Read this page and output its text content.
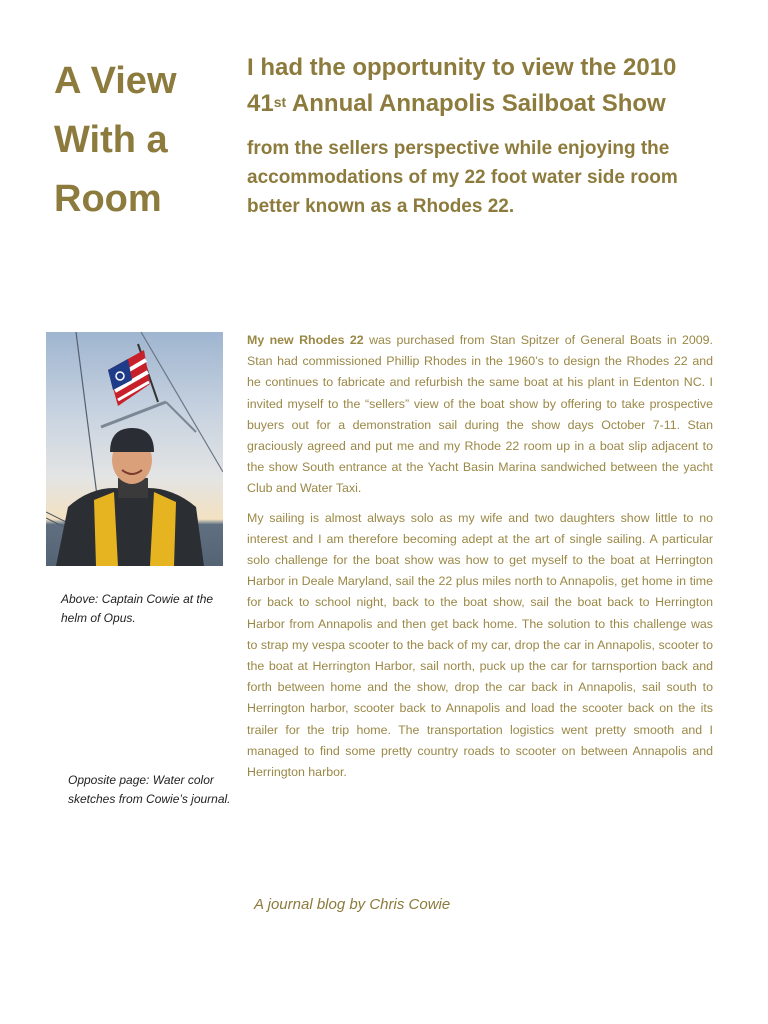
A View
With a
Room
I had the opportunity to view the 2010
41st Annual Annapolis Sailboat Show

from the sellers perspective while enjoying the accommodations of my 22 foot water side room better known as a Rhodes 22.

Above: Captain Cowie at the helm of Opus.

Opposite page: Water color sketches from Cowie’s journal.

My new Rhodes 22 was purchased from Stan Spitzer of General Boats in 2009. Stan had commissioned Phillip Rhodes in the 1960’s to design the Rhodes 22 and he continues to fabricate and refurbish the same boat at his plant in Edenton NC. I invited myself to the “sellers” view of the boat show by offering to take prospective buyers out for a demonstration sail during the show days October 7-11. Stan graciously agreed and put me and my Rhode 22 room up in a boat slip adjacent to the show South entrance at the Yacht Basin Marina sandwiched between the yacht Club and Water Taxi.

My sailing is almost always solo as my wife and two daughters show little to no interest and I am therefore becoming adept at the art of single sailing. A particular solo challenge for the boat show was how to get myself to the boat at Herrington Harbor in Deale Maryland, sail the 22 plus miles north to Annapolis, get home in time for back to school night, back to the boat show, sail the boat back to Herrington Harbor from Annapolis and then get back home. The solution to this challenge was to strap my vespa scooter to the back of my car, drop the car in Annapolis, scooter to the boat at Herrington Harbor, sail north, puck up the car for tarnsportion back and forth between home and the show, drop the car back in Annapolis, sail south to Herrington harbor, scooter back to Annapolis and load the scooter back on the its trailer for the trip home. The transportation logistics went pretty smooth and I managed to find some pretty country roads to scooter on between Annapolis and Herrington harbor.

A journal blog by Chris Cowie
